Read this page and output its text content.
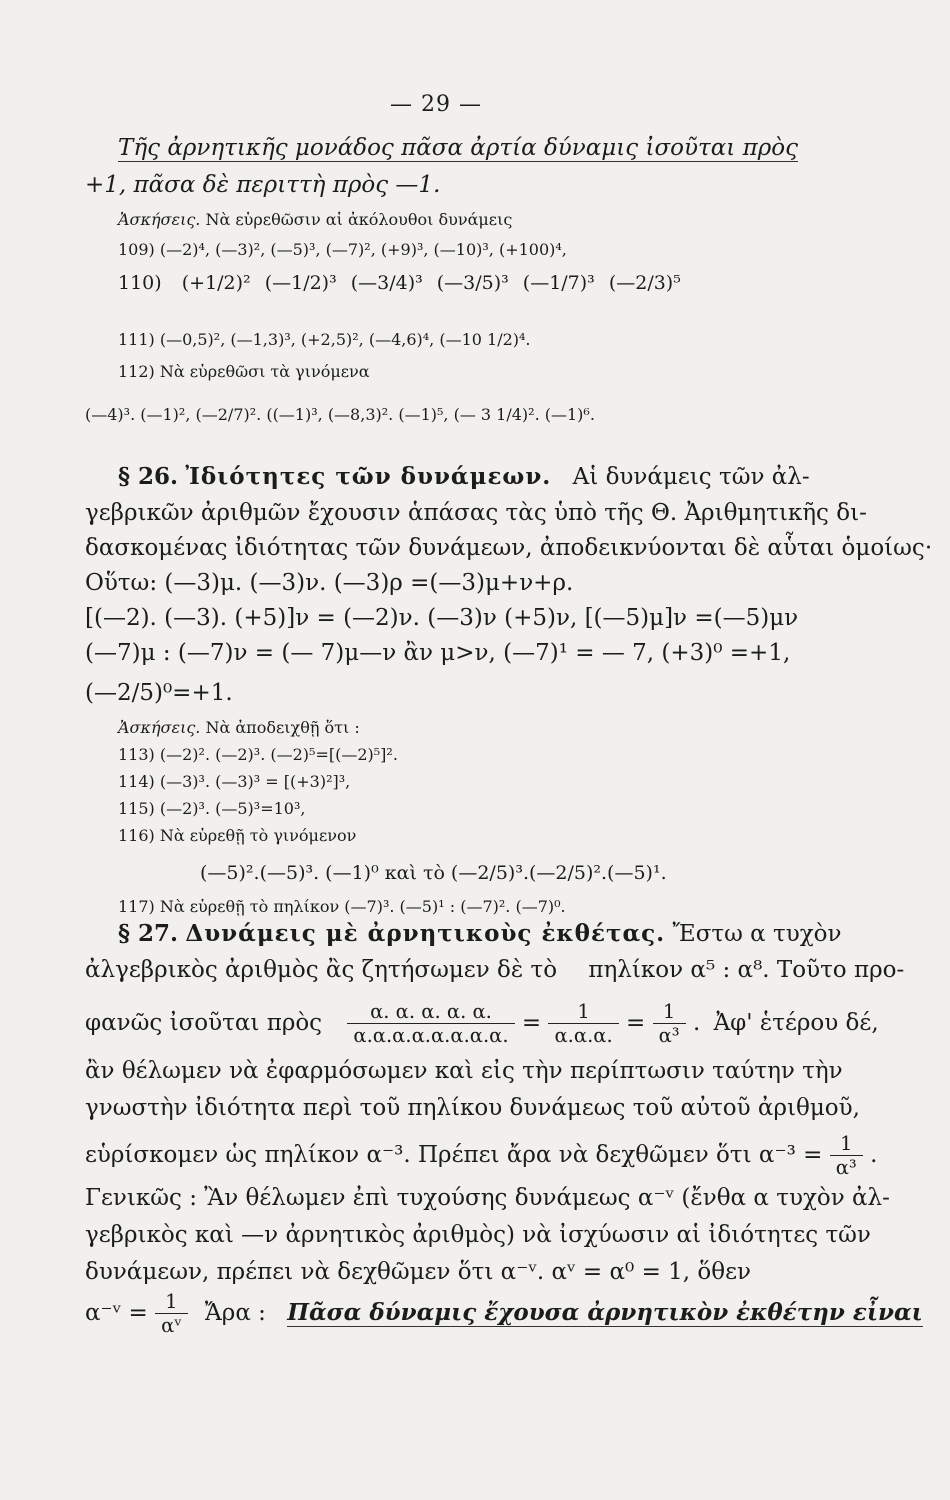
— 29 —
Τῆς ἀρνητικῆς μονάδος πᾶσα ἀρτία δύναμις ἰσοῦται πρὸς
+1, πᾶσα δὲ περιττὴ πρὸς —1.
Ἀσκήσεις. Νὰ εὑρεθῶσιν αἱ ἀκόλουθοι δυνάμεις
109) (—2)⁴, (—3)², (—5)³, (—7)², (+9)³, (—10)³, (+100)⁴,
110) (+1/2)² (—1/2)³ (—3/4)³ (—3/5)³ (—1/7)³ (—2/3)⁵
111) (—0,5)², (—1,3)³, (+2,5)², (—4,6)⁴, (—10 1/2)⁴.
112) Νὰ εὑρεθῶσι τὰ γινόμενα
(—4)³. (—1)², (—2/7)². ((—1)³, (—8,3)². (—1)⁵, (— 3 1/4)². (—1)⁶.
§ 26. Ἰδιότητες τῶν δυνάμεων. Αἱ δυνάμεις τῶν ἀλ-
γεβρικῶν ἀριθμῶν ἔχουσιν ἁπάσας τὰς ὑπὸ τῆς Θ. Ἀριθμητικῆς δι-
δασκομένας ἰδιότητας τῶν δυνάμεων, ἀποδεικνύονται δὲ αὗται ὁμοίως·
Οὕτω: (—3)μ. (—3)ν. (—3)ρ =(—3)μ+ν+ρ.
[(—2). (—3). (+5)]ν = (—2)ν. (—3)ν (+5)ν, [(—5)μ]ν =(—5)μν
(—7)μ : (—7)ν = (— 7)μ—ν ἂν μ>ν, (—7)¹ = — 7, (+3)⁰ =+1,
(—2/5)⁰=+1.
Ἀσκήσεις. Νὰ ἀποδειχθῇ ὅτι :
113) (—2)². (—2)³. (—2)⁵=[(—2)⁵]².
114) (—3)³. (—3)³ = [(+3)²]³,
115) (—2)³. (—5)³=10³,
116) Νὰ εὑρεθῇ τὸ γινόμενον
(—5)².(—5)³. (—1)⁰ καὶ τὸ (—2/5)³.(—2/5)².(—5)¹.
117) Νὰ εὑρεθῇ τὸ πηλίκον (—7)³. (—5)¹ : (—7)². (—7)⁰.
§ 27. Δυνάμεις μὲ ἀρνητικοὺς ἐκθέτας. Ἔστω α τυχὸν
ἀλγεβρικὸς ἀριθμὸς ἂς ζητήσωμεν δὲ τὸ πηλίκον α⁵ : α⁸. Τοῦτο προ-
φανῶς ἰσοῦται πρὸς $\frac{\alpha. \alpha. \alpha. \alpha. \alpha.}{\alpha.\alpha.\alpha.\alpha.\alpha.\alpha.\alpha.\alpha.} = \frac{1}{\alpha.\alpha.\alpha.} = \frac{1}{\text{α³}}$ . Ἀφ' ἑτέρου δέ,
ἂν θέλωμεν νὰ ἐφαρμόσωμεν καὶ εἰς τὴν περίπτωσιν ταύτην τὴν
γνωστὴν ἰδιότητα περὶ τοῦ πηλίκου δυνάμεως τοῦ αὐτοῦ ἀριθμοῦ,
εὑρίσκομεν ὡς πηλίκον α⁻³. Πρέπει ἄρα νὰ δεχθῶμεν ὅτι $\alpha^{-3} = \frac{1}{\text{α³}}$ .
Γενικῶς : Ἂν θέλωμεν ἐπὶ τυχούσης δυνάμεως α⁻ᵛ (ἔνθα α τυχὸν ἀλ-
γεβρικὸς καὶ —ν ἀρνητικὸς ἀριθμὸς) νὰ ἰσχύωσιν αἱ ἰδιότητες τῶν
δυνάμεων, πρέπει νὰ δεχθῶμεν ὅτι α⁻ᵛ. αᵛ = α⁰ = 1, ὅθεν
α⁻ᵛ = $\frac{1}{\text{αᵛ}}$ Ἄρα : Πᾶσα δύναμις ἔχουσα ἀρνητικὸν ἐκθέτην εἶναι
